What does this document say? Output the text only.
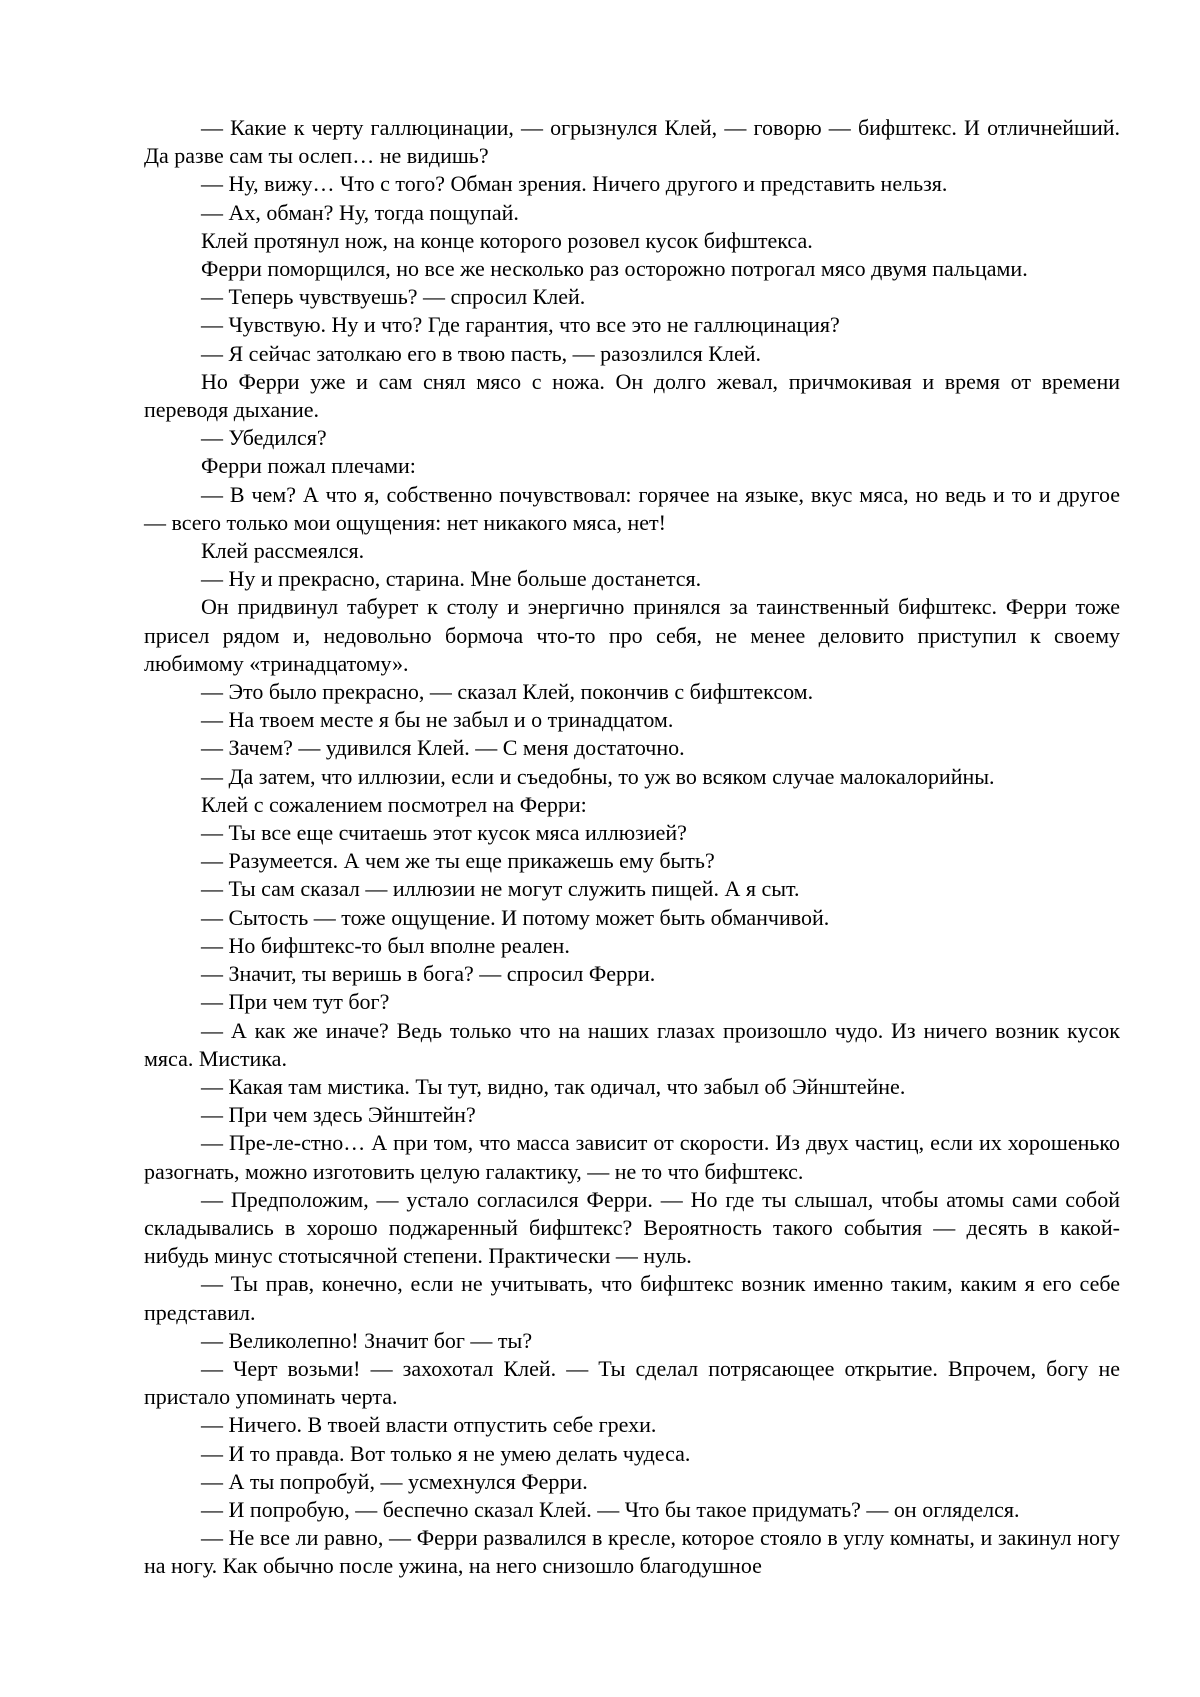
— Какие к черту галлюцинации, — огрызнулся Клей, — говорю — бифштекс. И отличнейший. Да разве сам ты ослеп… не видишь?

— Ну, вижу… Что с того? Обман зрения. Ничего другого и представить нельзя.

— Ах, обман? Ну, тогда пощупай.

Клей протянул нож, на конце которого розовел кусок бифштекса.

Ферри поморщился, но все же несколько раз осторожно потрогал мясо двумя пальцами.

— Теперь чувствуешь? — спросил Клей.

— Чувствую. Ну и что? Где гарантия, что все это не галлюцинация?

— Я сейчас затолкаю его в твою пасть, — разозлился Клей.

Но Ферри уже и сам снял мясо с ножа. Он долго жевал, причмокивая и время от времени переводя дыхание.

— Убедился?

Ферри пожал плечами:

— В чем? А что я, собственно почувствовал: горячее на языке, вкус мяса, но ведь и то и другое — всего только мои ощущения: нет никакого мяса, нет!

Клей рассмеялся.

— Ну и прекрасно, старина. Мне больше достанется.

Он придвинул табурет к столу и энергично принялся за таинственный бифштекс. Ферри тоже присел рядом и, недовольно бормоча что-то про себя, не менее деловито приступил к своему любимому «тринадцатому».

— Это было прекрасно, — сказал Клей, покончив с бифштексом.

— На твоем месте я бы не забыл и о тринадцатом.

— Зачем? — удивился Клей. — С меня достаточно.

— Да затем, что иллюзии, если и съедобны, то уж во всяком случае малокалорийны.

Клей с сожалением посмотрел на Ферри:

— Ты все еще считаешь этот кусок мяса иллюзией?

— Разумеется. А чем же ты еще прикажешь ему быть?

— Ты сам сказал — иллюзии не могут служить пищей. А я сыт.

— Сытость — тоже ощущение. И потому может быть обманчивой.

— Но бифштекс-то был вполне реален.

— Значит, ты веришь в бога? — спросил Ферри.

— При чем тут бог?

— А как же иначе? Ведь только что на наших глазах произошло чудо. Из ничего возник кусок мяса. Мистика.

— Какая там мистика. Ты тут, видно, так одичал, что забыл об Эйнштейне.

— При чем здесь Эйнштейн?

— Пре-ле-стно… А при том, что масса зависит от скорости. Из двух частиц, если их хорошенько разогнать, можно изготовить целую галактику, — не то что бифштекс.

— Предположим, — устало согласился Ферри. — Но где ты слышал, чтобы атомы сами собой складывались в хорошо поджаренный бифштекс? Вероятность такого события — десять в какой-нибудь минус стотысячной степени. Практически — нуль.

— Ты прав, конечно, если не учитывать, что бифштекс возник именно таким, каким я его себе представил.

— Великолепно! Значит бог — ты?

— Черт возьми! — захохотал Клей. — Ты сделал потрясающее открытие. Впрочем, богу не пристало упоминать черта.

— Ничего. В твоей власти отпустить себе грехи.

— И то правда. Вот только я не умею делать чудеса.

— А ты попробуй, — усмехнулся Ферри.

— И попробую, — беспечно сказал Клей. — Что бы такое придумать? — он огляделся.

— Не все ли равно, — Ферри развалился в кресле, которое стояло в углу комнаты, и закинул ногу на ногу. Как обычно после ужина, на него снизошло благодушное
